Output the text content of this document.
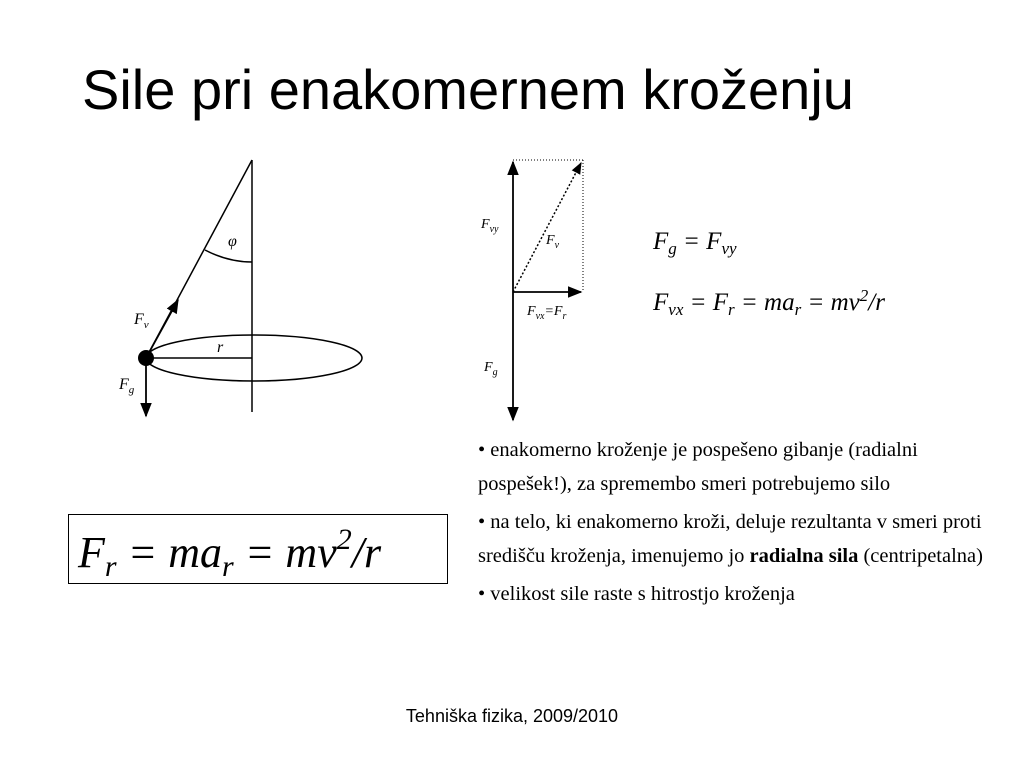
Sile pri enakomernem kroženju
φ
r
$F_v$
$F_g$
$F_{vy}$
$F_v$
$F_{vx}=F_r$
$F_g$
$F_g = F_{vy}$
$F_{vx} = F_r = ma_r = mv^2/r$
$F_r = ma_r = mv^2/r$

• enakomerno kroženje je pospešeno gibanje (radialni pospešek!), za spremembo smeri potrebujemo silo

• na telo, ki enakomerno kroži, deluje rezultanta v smeri proti središču kroženja, imenujemo jo radialna sila (centripetalna)

• velikost sile raste s hitrostjo kroženja

Tehniška fizika, 2009/2010
